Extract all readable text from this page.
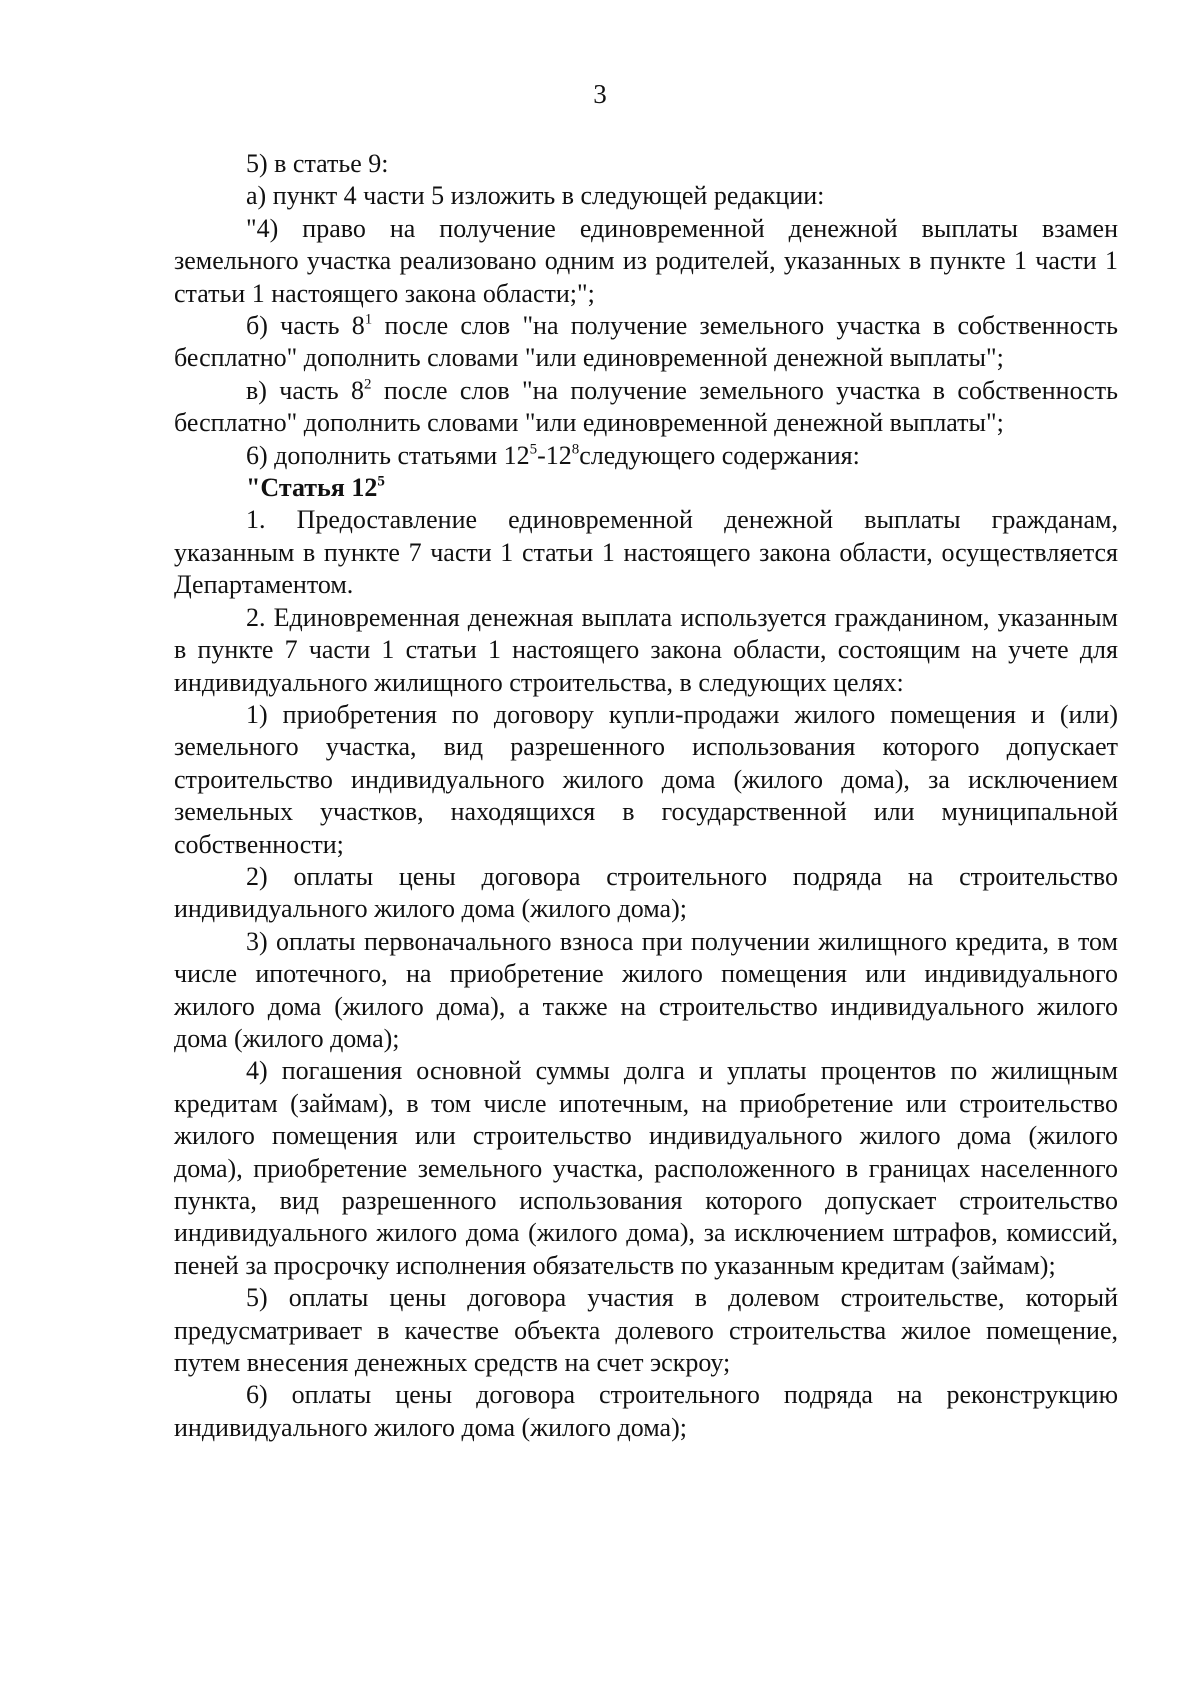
3

5) в статье 9:

а) пункт 4 части 5 изложить в следующей редакции:

"4) право на получение единовременной денежной выплаты взамен земельного участка реализовано одним из родителей, указанных в пункте 1 части 1 статьи 1 настоящего закона области;";

б) часть $8^1$ после слов "на получение земельного участка в собственность бесплатно" дополнить словами "или единовременной денежной выплаты";

в) часть $8^2$ после слов "на получение земельного участка в собственность бесплатно" дополнить словами "или единовременной денежной выплаты";

6) дополнить статьями $12^5-12^8следующего$ содержания:

"Статья $12^5$

1. Предоставление единовременной денежной выплаты гражданам, указанным в пункте 7 части 1 статьи 1 настоящего закона области, осуществляется Департаментом.

2. Единовременная денежная выплата используется гражданином, указанным в пункте 7 части 1 статьи 1 настоящего закона области, состоящим на учете для индивидуального жилищного строительства, в следующих целях:

1) приобретения по договору купли-продажи жилого помещения и (или) земельного участка, вид разрешенного использования которого допускает строительство индивидуального жилого дома (жилого дома), за исключением земельных участков, находящихся в государственной или муниципальной собственности;

2) оплаты цены договора строительного подряда на строительство индивидуального жилого дома (жилого дома);

3) оплаты первоначального взноса при получении жилищного кредита, в том числе ипотечного, на приобретение жилого помещения или индивидуального жилого дома (жилого дома), а также на строительство индивидуального жилого дома (жилого дома);

4) погашения основной суммы долга и уплаты процентов по жилищным кредитам (займам), в том числе ипотечным, на приобретение или строительство жилого помещения или строительство индивидуального жилого дома (жилого дома), приобретение земельного участка, расположенного в границах населенного пункта, вид разрешенного использования которого допускает строительство индивидуального жилого дома (жилого дома), за исключением штрафов, комиссий, пеней за просрочку исполнения обязательств по указанным кредитам (займам);

5) оплаты цены договора участия в долевом строительстве, который предусматривает в качестве объекта долевого строительства жилое помещение, путем внесения денежных средств на счет эскроу;

6) оплаты цены договора строительного подряда на реконструкцию индивидуального жилого дома (жилого дома);
